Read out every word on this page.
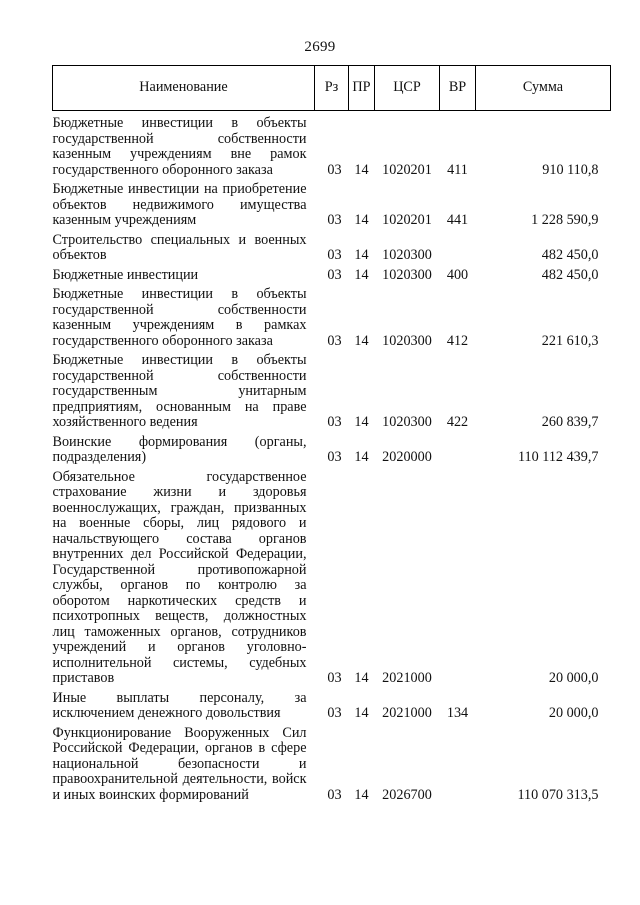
2699
Наименование	Рз	ПР	ЦСР	ВР	Сумма
Бюджетные инвестиции в объекты государственной собственности казенным учреждениям вне рамок государственного оборонного заказа	03	14	1020201	411	910 110,8
Бюджетные инвестиции на приобретение объектов недвижимого имущества казенным учреждениям	03	14	1020201	441	1 228 590,9
Строительство специальных и военных объектов	03	14	1020300		482 450,0
Бюджетные инвестиции	03	14	1020300	400	482 450,0
Бюджетные инвестиции в объекты государственной собственности казенным учреждениям в рамках государственного оборонного заказа	03	14	1020300	412	221 610,3
Бюджетные инвестиции в объекты государственной собственности государственным унитарным предприятиям, основанным на праве хозяйственного ведения	03	14	1020300	422	260 839,7
Воинские формирования (органы, подразделения)	03	14	2020000		110 112 439,7
Обязательное государственное страхование жизни и здоровья военнослужащих, граждан, призванных на военные сборы, лиц рядового и начальствующего состава органов внутренних дел Российской Федерации, Государственной противопожарной службы, органов по контролю за оборотом наркотических средств и психотропных веществ, должностных лиц таможенных органов, сотрудников учреждений и органов уголовно-исполнительной системы, судебных приставов	03	14	2021000		20 000,0
Иные выплаты персоналу, за исключением денежного довольствия	03	14	2021000	134	20 000,0
Функционирование Вооруженных Сил Российской Федерации, органов в сфере национальной безопасности и правоохранительной деятельности, войск и иных воинских формирований	03	14	2026700		110 070 313,5
